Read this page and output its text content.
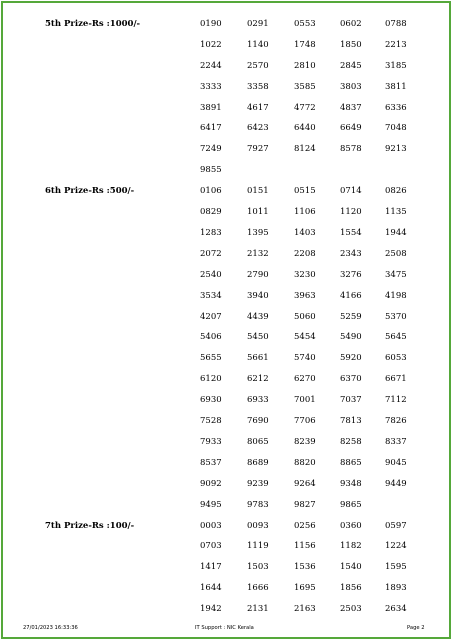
5th Prize-Rs :1000/-	0190	0291	0553	0602	0788
1022	1140	1748	1850	2213
2244	2570	2810	2845	3185
3333	3358	3585	3803	3811
3891	4617	4772	4837	6336
6417	6423	6440	6649	7048
7249	7927	8124	8578	9213
9855
6th Prize-Rs :500/-	0106	0151	0515	0714	0826
0829	1011	1106	1120	1135
1283	1395	1403	1554	1944
2072	2132	2208	2343	2508
2540	2790	3230	3276	3475
3534	3940	3963	4166	4198
4207	4439	5060	5259	5370
5406	5450	5454	5490	5645
5655	5661	5740	5920	6053
6120	6212	6270	6370	6671
6930	6933	7001	7037	7112
7528	7690	7706	7813	7826
7933	8065	8239	8258	8337
8537	8689	8820	8865	9045
9092	9239	9264	9348	9449
9495	9783	9827	9865
7th Prize-Rs :100/-	0003	0093	0256	0360	0597
0703	1119	1156	1182	1224
1417	1503	1536	1540	1595
1644	1666	1695	1856	1893
1942	2131	2163	2503	2634
27/01/2023 16:33:36	IT Support : NIC Kerala	Page 2
